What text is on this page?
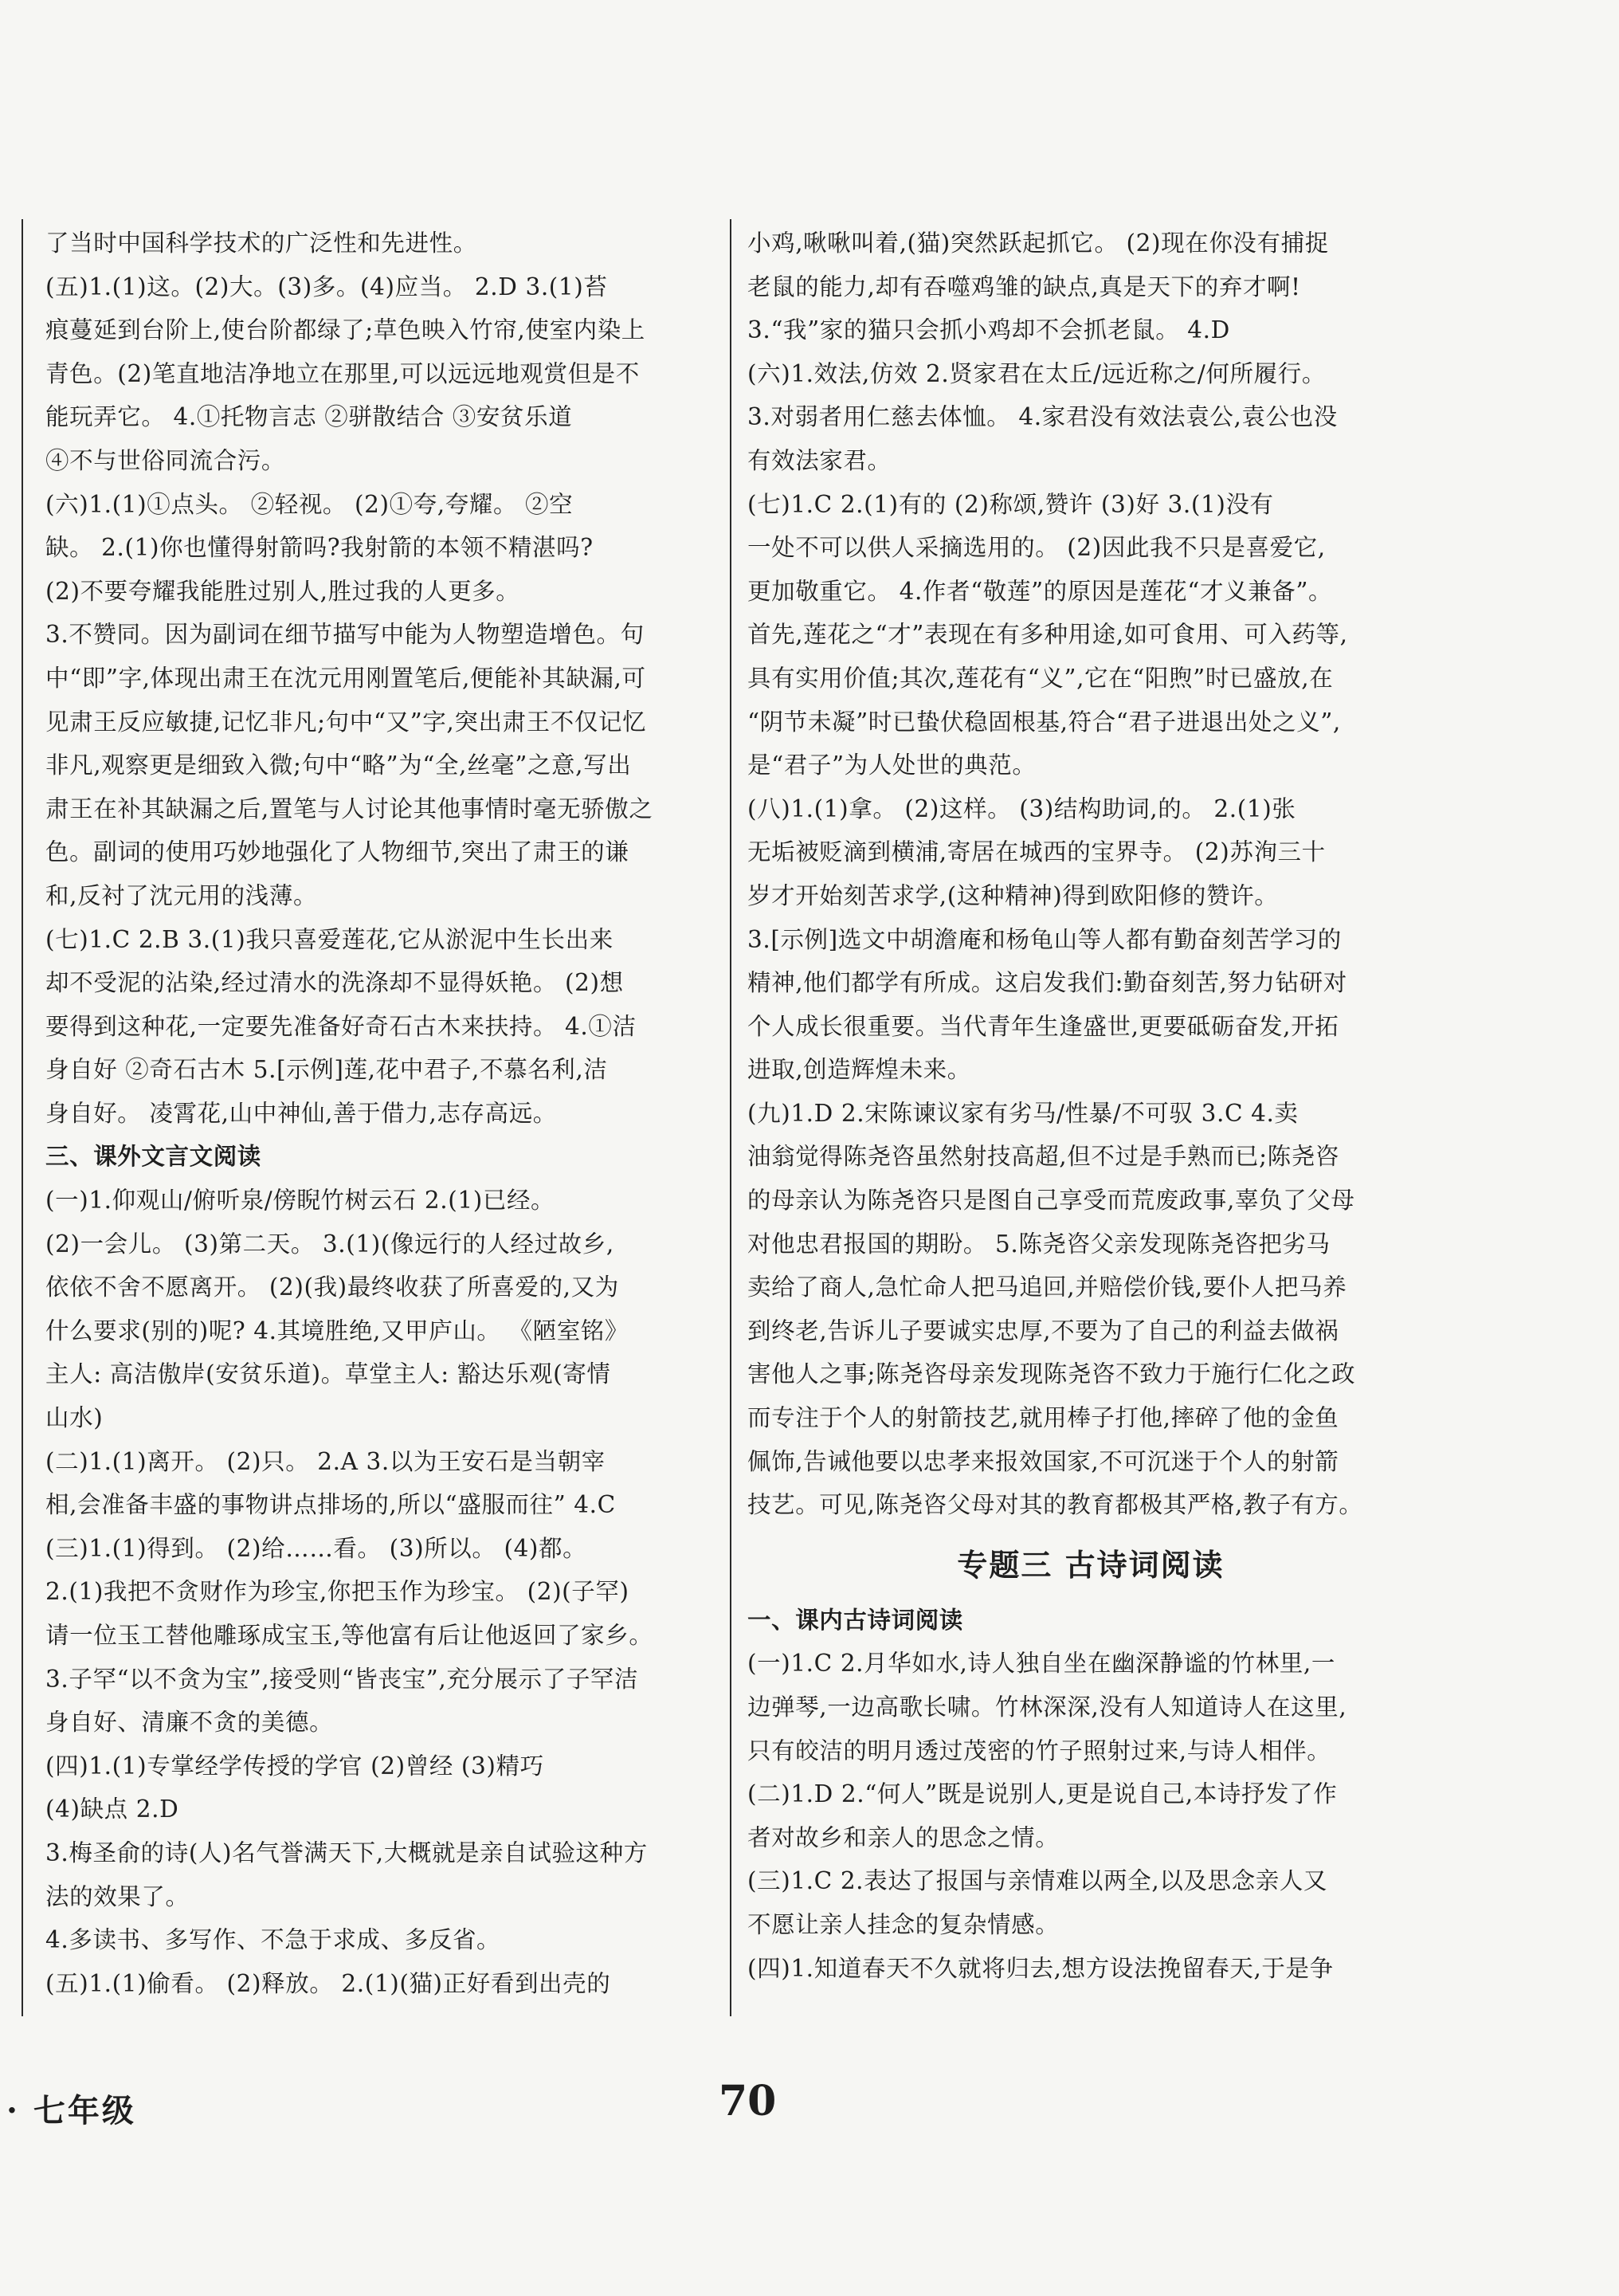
了当时中国科学技术的广泛性和先进性。
(五)1.(1)这。(2)大。(3)多。(4)应当。 2.D 3.(1)苔
痕蔓延到台阶上,使台阶都绿了;草色映入竹帘,使室内染上
青色。(2)笔直地洁净地立在那里,可以远远地观赏但是不
能玩弄它。 4.①托物言志 ②骈散结合 ③安贫乐道
④不与世俗同流合污。
(六)1.(1)①点头。 ②轻视。 (2)①夸,夸耀。 ②空
缺。 2.(1)你也懂得射箭吗?我射箭的本领不精湛吗?
(2)不要夸耀我能胜过别人,胜过我的人更多。
3.不赞同。因为副词在细节描写中能为人物塑造增色。句
中“即”字,体现出肃王在沈元用刚置笔后,便能补其缺漏,可
见肃王反应敏捷,记忆非凡;句中“又”字,突出肃王不仅记忆
非凡,观察更是细致入微;句中“略”为“全,丝毫”之意,写出
肃王在补其缺漏之后,置笔与人讨论其他事情时毫无骄傲之
色。副词的使用巧妙地强化了人物细节,突出了肃王的谦
和,反衬了沈元用的浅薄。
(七)1.C 2.B 3.(1)我只喜爱莲花,它从淤泥中生长出来
却不受泥的沾染,经过清水的洗涤却不显得妖艳。 (2)想
要得到这种花,一定要先准备好奇石古木来扶持。 4.①洁
身自好 ②奇石古木 5.[示例]莲,花中君子,不慕名利,洁
身自好。 凌霄花,山中神仙,善于借力,志存高远。
三、课外文言文阅读
(一)1.仰观山/俯听泉/傍睨竹树云石 2.(1)已经。
(2)一会儿。 (3)第二天。 3.(1)(像远行的人经过故乡,
依依不舍不愿离开。 (2)(我)最终收获了所喜爱的,又为
什么要求(别的)呢? 4.其境胜绝,又甲庐山。 《陋室铭》
主人: 高洁傲岸(安贫乐道)。草堂主人: 豁达乐观(寄情
山水)
(二)1.(1)离开。 (2)只。 2.A 3.以为王安石是当朝宰
相,会准备丰盛的事物讲点排场的,所以“盛服而往” 4.C
(三)1.(1)得到。 (2)给……看。 (3)所以。 (4)都。
2.(1)我把不贪财作为珍宝,你把玉作为珍宝。 (2)(子罕)
请一位玉工替他雕琢成宝玉,等他富有后让他返回了家乡。
3.子罕“以不贪为宝”,接受则“皆丧宝”,充分展示了子罕洁
身自好、清廉不贪的美德。
(四)1.(1)专掌经学传授的学官 (2)曾经 (3)精巧
(4)缺点 2.D
3.梅圣俞的诗(人)名气誉满天下,大概就是亲自试验这种方
法的效果了。
4.多读书、多写作、不急于求成、多反省。
(五)1.(1)偷看。 (2)释放。 2.(1)(猫)正好看到出壳的
小鸡,啾啾叫着,(猫)突然跃起抓它。 (2)现在你没有捕捉
老鼠的能力,却有吞噬鸡雏的缺点,真是天下的弃才啊!
3.“我”家的猫只会抓小鸡却不会抓老鼠。 4.D
(六)1.效法,仿效 2.贤家君在太丘/远近称之/何所履行。
3.对弱者用仁慈去体恤。 4.家君没有效法袁公,袁公也没
有效法家君。
(七)1.C 2.(1)有的 (2)称颂,赞许 (3)好 3.(1)没有
一处不可以供人采摘选用的。 (2)因此我不只是喜爱它,
更加敬重它。 4.作者“敬莲”的原因是莲花“才义兼备”。
首先,莲花之“才”表现在有多种用途,如可食用、可入药等,
具有实用价值;其次,莲花有“义”,它在“阳煦”时已盛放,在
“阴节未凝”时已蛰伏稳固根基,符合“君子进退出处之义”,
是“君子”为人处世的典范。
(八)1.(1)拿。 (2)这样。 (3)结构助词,的。 2.(1)张
无垢被贬滴到横浦,寄居在城西的宝界寺。 (2)苏洵三十
岁才开始刻苦求学,(这种精神)得到欧阳修的赞许。
3.[示例]选文中胡澹庵和杨龟山等人都有勤奋刻苦学习的
精神,他们都学有所成。这启发我们:勤奋刻苦,努力钻研对
个人成长很重要。当代青年生逢盛世,更要砥砺奋发,开拓
进取,创造辉煌未来。
(九)1.D 2.宋陈谏议家有劣马/性暴/不可驭 3.C 4.卖
油翁觉得陈尧咨虽然射技高超,但不过是手熟而已;陈尧咨
的母亲认为陈尧咨只是图自己享受而荒废政事,辜负了父母
对他忠君报国的期盼。 5.陈尧咨父亲发现陈尧咨把劣马
卖给了商人,急忙命人把马追回,并赔偿价钱,要仆人把马养
到终老,告诉儿子要诚实忠厚,不要为了自己的利益去做祸
害他人之事;陈尧咨母亲发现陈尧咨不致力于施行仁化之政
而专注于个人的射箭技艺,就用棒子打他,摔碎了他的金鱼
佩饰,告诫他要以忠孝来报效国家,不可沉迷于个人的射箭
技艺。可见,陈尧咨父母对其的教育都极其严格,教子有方。
专题三 古诗词阅读
一、课内古诗词阅读
(一)1.C 2.月华如水,诗人独自坐在幽深静谧的竹林里,一
边弹琴,一边高歌长啸。竹林深深,没有人知道诗人在这里,
只有皎洁的明月透过茂密的竹子照射过来,与诗人相伴。
(二)1.D 2.“何人”既是说别人,更是说自己,本诗抒发了作
者对故乡和亲人的思念之情。
(三)1.C 2.表达了报国与亲情难以两全,以及思念亲人又
不愿让亲人挂念的复杂情感。
(四)1.知道春天不久就将归去,想方设法挽留春天,于是争
· 七年级	70
